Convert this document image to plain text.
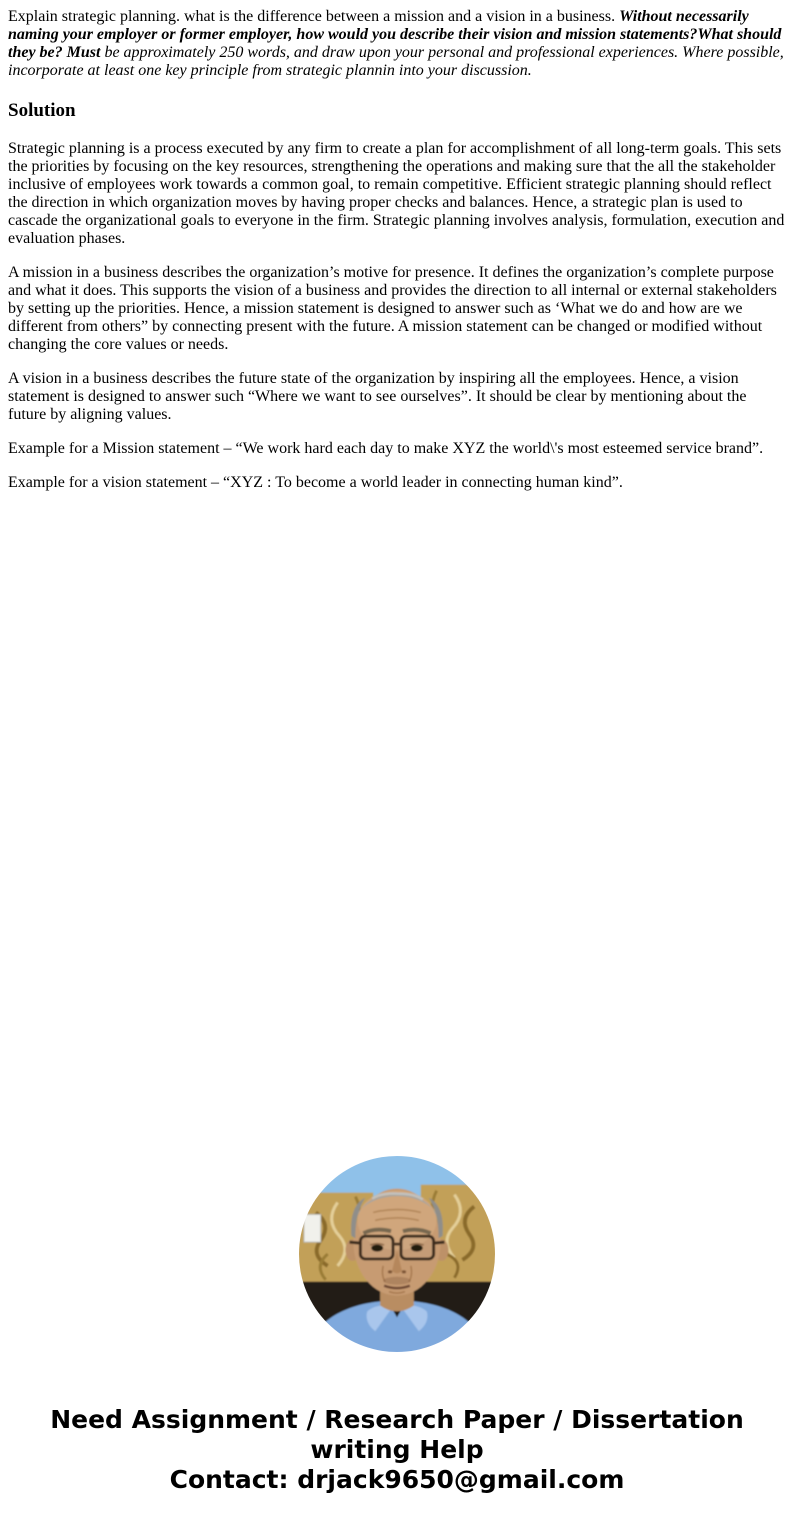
Explain strategic planning. what is the difference between a mission and a vision in a business. Without necessarily naming your employer or former employer, how would you describe their vision and mission statements?What should they be? Must be approximately 250 words, and draw upon your personal and professional experiences. Where possible, incorporate at least one key principle from strategic plannin into your discussion.

Solution

Strategic planning is a process executed by any firm to create a plan for accomplishment of all long-term goals. This sets the priorities by focusing on the key resources, strengthening the operations and making sure that the all the stakeholder inclusive of employees work towards a common goal, to remain competitive. Efficient strategic planning should reflect the direction in which organization moves by having proper checks and balances. Hence, a strategic plan is used to cascade the organizational goals to everyone in the firm. Strategic planning involves analysis, formulation, execution and evaluation phases.

A mission in a business describes the organization’s motive for presence. It defines the organization’s complete purpose and what it does. This supports the vision of a business and provides the direction to all internal or external stakeholders by setting up the priorities. Hence, a mission statement is designed to answer such as ‘What we do and how are we different from others” by connecting present with the future. A mission statement can be changed or modified without changing the core values or needs.

A vision in a business describes the future state of the organization by inspiring all the employees. Hence, a vision statement is designed to answer such “Where we want to see ourselves”. It should be clear by mentioning about the future by aligning values.

Example for a Mission statement – “We work hard each day to make XYZ the world\'s most esteemed service brand”.

Example for a vision statement – “XYZ : To become a world leader in connecting human kind”.

Need Assignment / Research Paper / Dissertation
writing Help
Contact: drjack9650@gmail.com
